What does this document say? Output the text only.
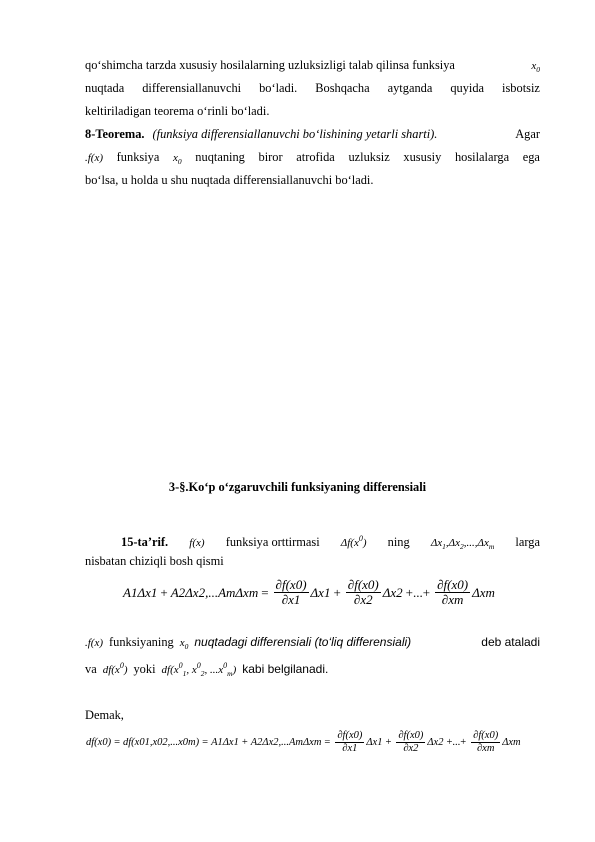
qo‘shimcha tarzda xususiy hosilalarning uzluksizligi talab qilinsa funksiya	$x_0$
nuqtada differensiallanuvchi bo‘ladi. Boshqacha aytganda quyida isbotsiz
keltiriladigan teorema o‘rinli bo‘ladi.
8-Teorema. (funksiya differensiallanuvchi bo‘lishining yetarli sharti).	Agar
.f(x) funksiya $x_0$ nuqtaning biror atrofida uzluksiz xususiy hosilalarga ega
bo‘lsa, u holda u shu nuqtada differensiallanuvchi bo‘ladi.
3-§.Ko‘p o‘zgaruvchili funksiyaning differensiali
15-ta’rif. f(x) funksiya orttirmasi $\Delta f(x^0)$ ning $\Delta x_1,\Delta x_2,...,\Delta x_m$ larga
nisbatan chiziqli bosh qismi
$A1\Delta x1 + A2\Delta x2,...Am\Delta xm = \frac{\partial f(x0)}{\partial x1} \Delta x1 + \frac{\partial f(x0)}{\partial x2} \Delta x2$ +...+ $\frac{\partial f(x0)}{\partial xm}$ Δxm
.f(x) funksiyaning $x_0$ nuqtadagi differensiali (to‘liq differensiali)	deb ataladi
va $df(x^0)$ yoki $df(x^0_1$, $x^0_2$, $...x^0_m$) kabi belgilanadi.
Demak,
$df(x0) = df(x01,x02,...x0m) = A1\Delta x1 + A2\Delta x2,...Am\Delta xm = \frac{\partial f(x0)}{\partial x1} \Delta x1 + \frac{\partial f(x0)}{\partial x2} \Delta x2$ +...+ $\frac{\partial f(x0)}{\partial xm}$ Δxm
